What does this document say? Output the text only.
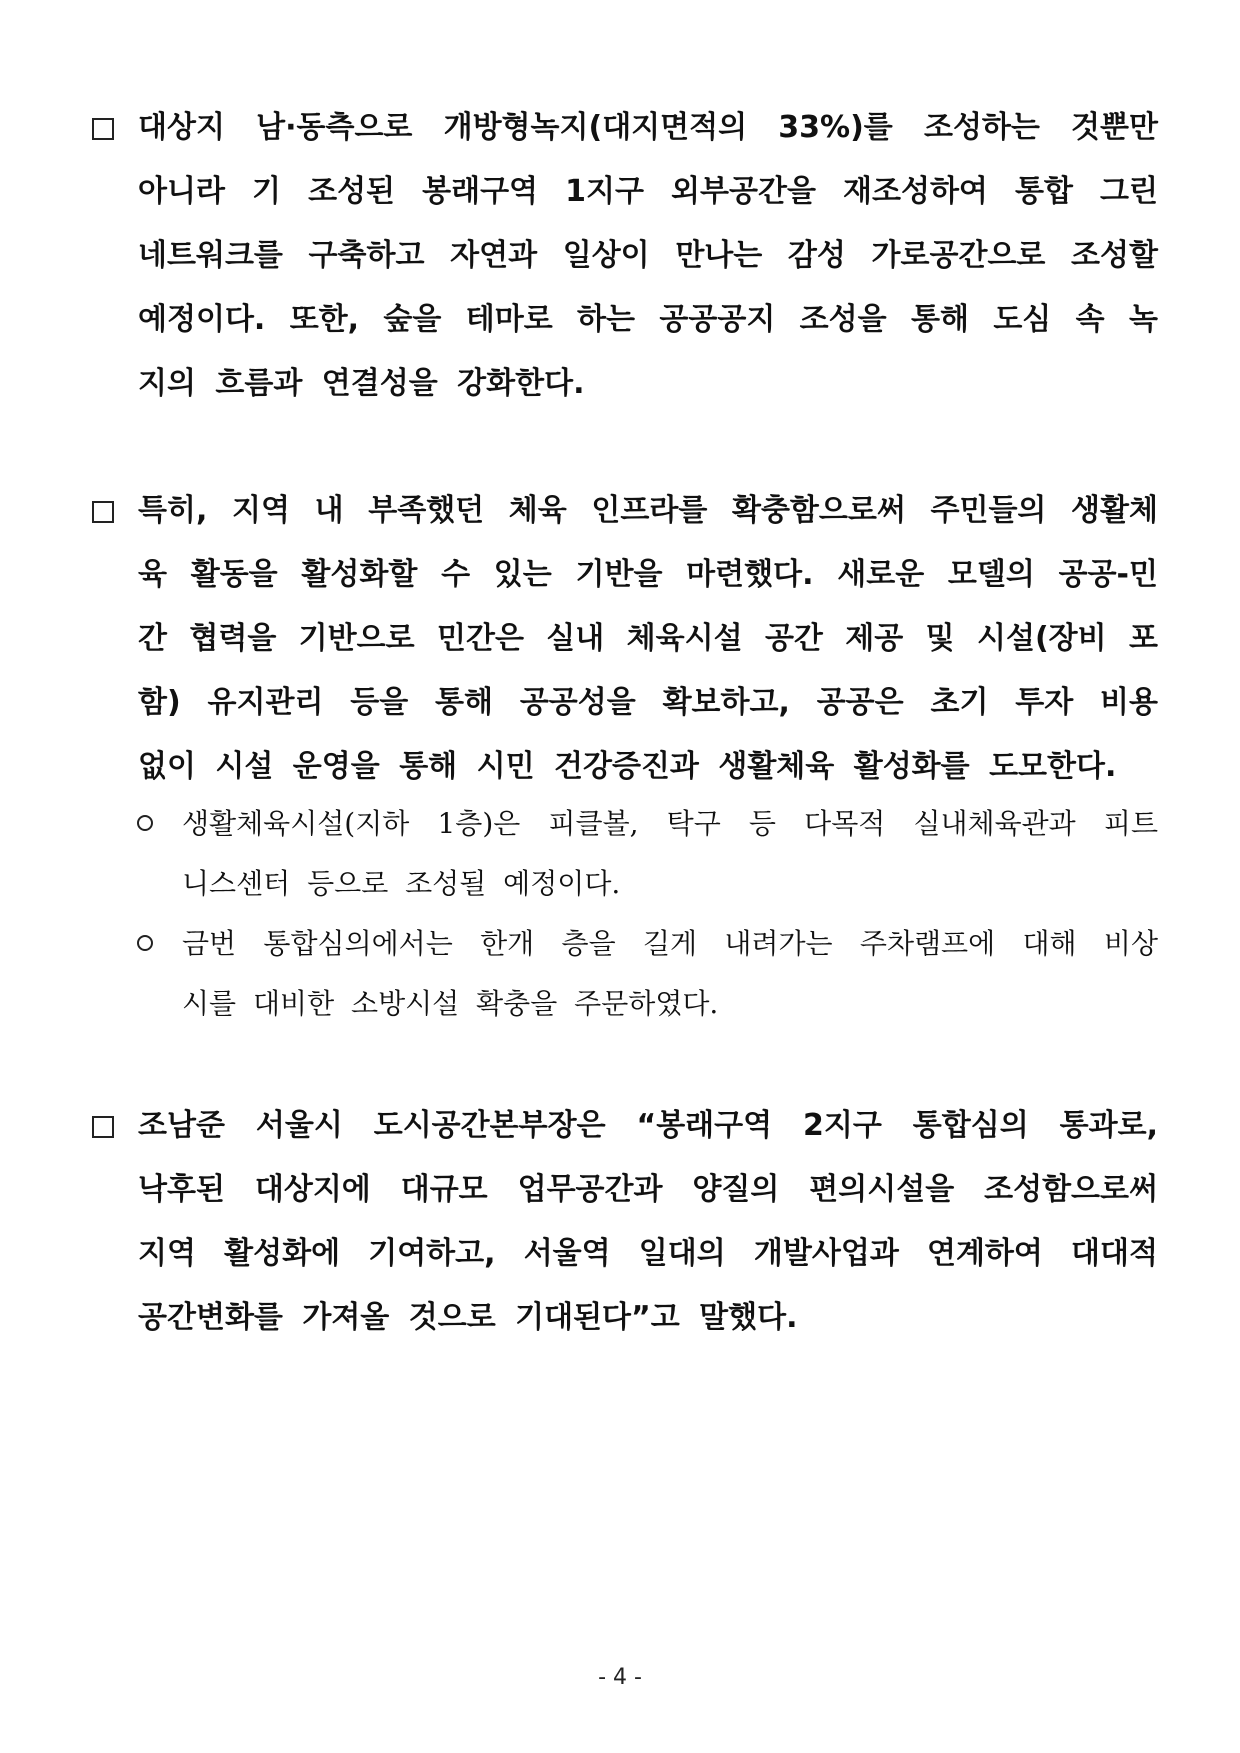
대상지 남·동측으로 개방형녹지(대지면적의 33%)를 조성하는 것뿐만
아니라 기 조성된 봉래구역 1지구 외부공간을 재조성하여 통합 그린
네트워크를 구축하고 자연과 일상이 만나는 감성 가로공간으로 조성할
예정이다. 또한, 숲을 테마로 하는 공공공지 조성을 통해 도심 속 녹
지의 흐름과 연결성을 강화한다.
특히, 지역 내 부족했던 체육 인프라를 확충함으로써 주민들의 생활체
육 활동을 활성화할 수 있는 기반을 마련했다. 새로운 모델의 공공-민
간 협력을 기반으로 민간은 실내 체육시설 공간 제공 및 시설(장비 포
함) 유지관리 등을 통해 공공성을 확보하고, 공공은 초기 투자 비용
없이 시설 운영을 통해 시민 건강증진과 생활체육 활성화를 도모한다.
생활체육시설(지하 1층)은 피클볼, 탁구 등 다목적 실내체육관과 피트
니스센터 등으로 조성될 예정이다.
금번 통합심의에서는 한개 층을 길게 내려가는 주차램프에 대해 비상
시를 대비한 소방시설 확충을 주문하였다.
조남준 서울시 도시공간본부장은 “봉래구역 2지구 통합심의 통과로,
낙후된 대상지에 대규모 업무공간과 양질의 편의시설을 조성함으로써
지역 활성화에 기여하고, 서울역 일대의 개발사업과 연계하여 대대적
공간변화를 가져올 것으로 기대된다”고 말했다.
- 4 -
